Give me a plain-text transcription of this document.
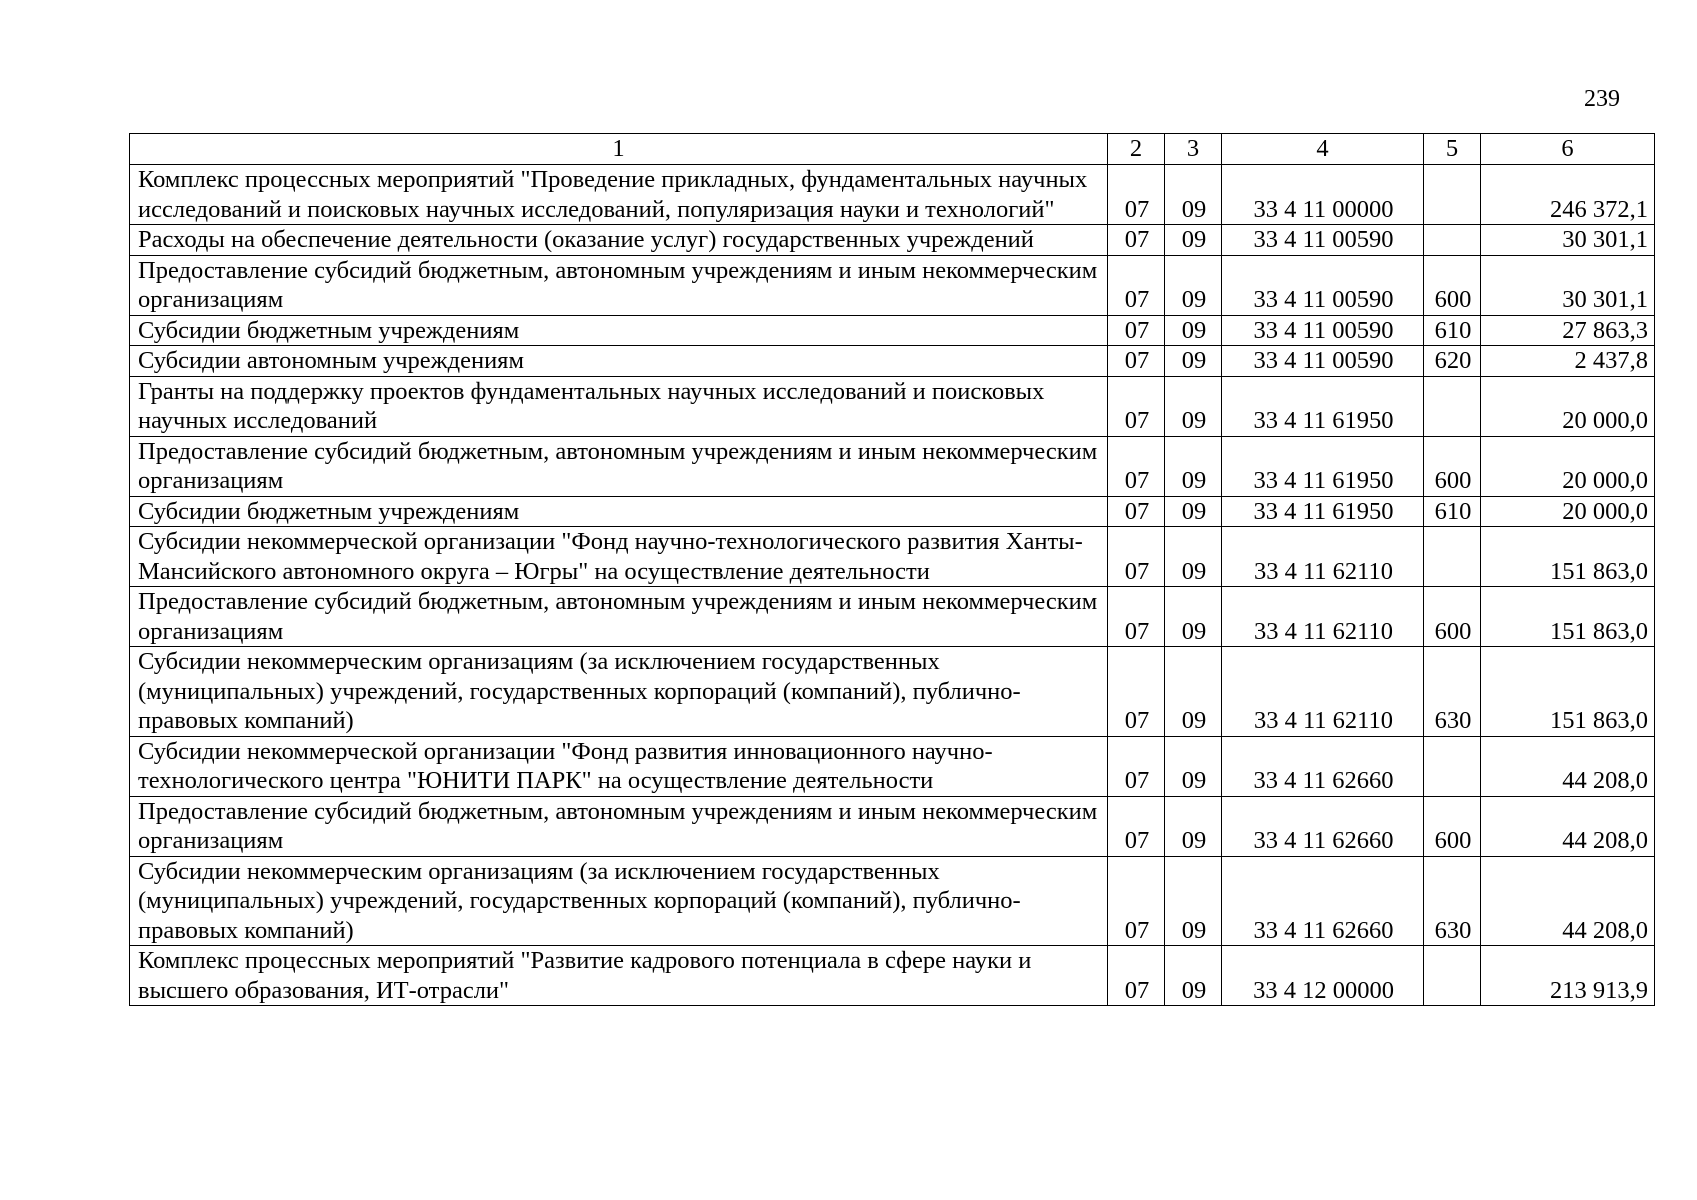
239
1	2	3	4	5	6
Комплекс процессных мероприятий "Проведение прикладных, фундаментальных научных исследований и поисковых научных исследований, популяризация науки и технологий"	07	09	33 4 11 00000		246 372,1
Расходы на обеспечение деятельности (оказание услуг) государственных учреждений	07	09	33 4 11 00590		30 301,1
Предоставление субсидий бюджетным, автономным учреждениям и иным некоммерческим организациям	07	09	33 4 11 00590	600	30 301,1
Субсидии бюджетным учреждениям	07	09	33 4 11 00590	610	27 863,3
Субсидии автономным учреждениям	07	09	33 4 11 00590	620	2 437,8
Гранты на поддержку проектов фундаментальных научных исследований и поисковых научных исследований	07	09	33 4 11 61950		20 000,0
Предоставление субсидий бюджетным, автономным учреждениям и иным некоммерческим организациям	07	09	33 4 11 61950	600	20 000,0
Субсидии бюджетным учреждениям	07	09	33 4 11 61950	610	20 000,0
Субсидии некоммерческой организации "Фонд научно-технологического развития Ханты-Мансийского автономного округа – Югры" на осуществление деятельности	07	09	33 4 11 62110		151 863,0
Предоставление субсидий бюджетным, автономным учреждениям и иным некоммерческим организациям	07	09	33 4 11 62110	600	151 863,0
Субсидии некоммерческим организациям (за исключением государственных (муниципальных) учреждений, государственных корпораций (компаний), публично-правовых компаний)	07	09	33 4 11 62110	630	151 863,0
Субсидии некоммерческой организации "Фонд развития инновационного научно-технологического центра "ЮНИТИ ПАРК" на осуществление деятельности	07	09	33 4 11 62660		44 208,0
Предоставление субсидий бюджетным, автономным учреждениям и иным некоммерческим организациям	07	09	33 4 11 62660	600	44 208,0
Субсидии некоммерческим организациям (за исключением государственных (муниципальных) учреждений, государственных корпораций (компаний), публично-правовых компаний)	07	09	33 4 11 62660	630	44 208,0
Комплекс процессных мероприятий "Развитие кадрового потенциала в сфере науки и высшего образования, ИТ-отрасли"	07	09	33 4 12 00000		213 913,9
